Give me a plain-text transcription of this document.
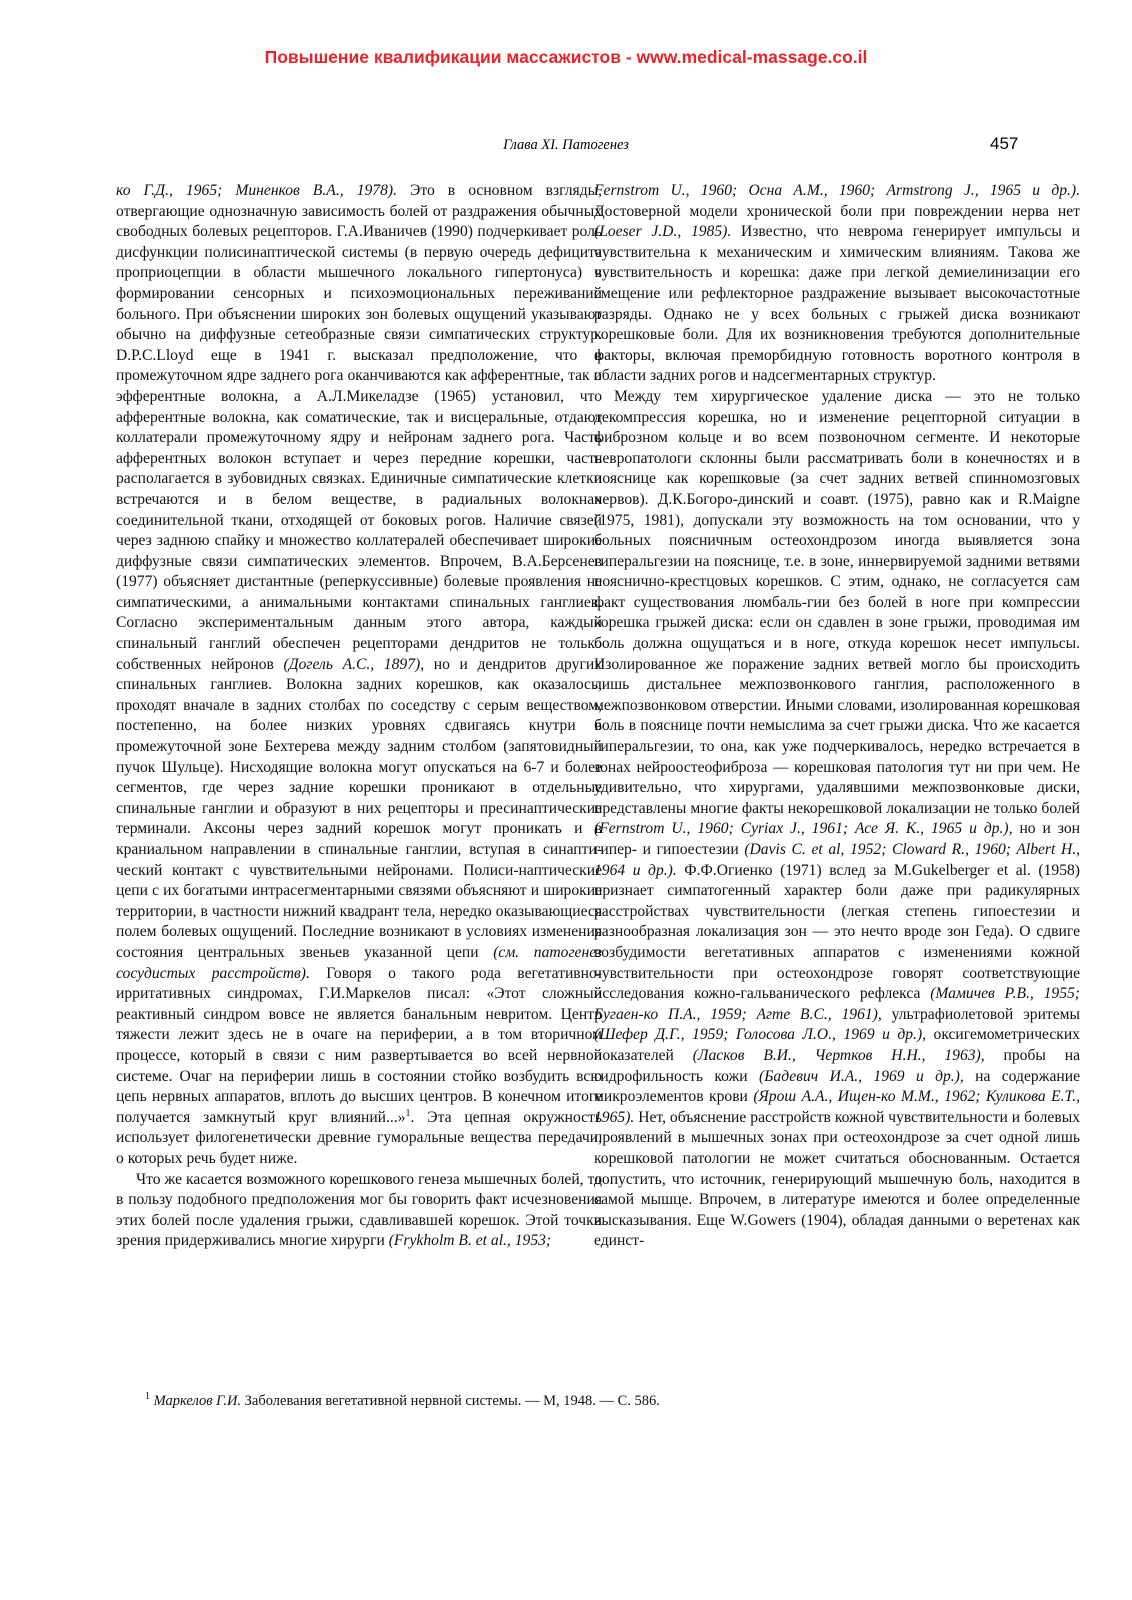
Повышение квалификации массажистов - www.medical-massage.co.il
Глава XI. Патогенез	457

ко Г.Д., 1965; Миненков В.А., 1978). Это в основном взгляды, отвергающие однозначную зависимость болей от раздражения обычных свободных болевых рецепторов. Г.А.Иваничев (1990) подчеркивает роль дисфункции полисинаптической системы (в первую очередь дефицита проприоцепции в области мышечного локального гипертонуса) в формировании сенсорных и психоэмоциональных переживаний больного. При объяснении широких зон болевых ощущений указывают обычно на диффузные сетеобразные связи симпатических структур. D.P.C.Lloyd еще в 1941 г. высказал предположение, что в промежуточном ядре заднего рога оканчиваются как афферентные, так и эфферентные волокна, а А.Л.Микеладзе (1965) установил, что афферентные волокна, как соматические, так и висцеральные, отдают коллатерали промежуточному ядру и нейронам заднего рога. Часть афферентных волокон вступает и через передние корешки, часть располагается в зубовидных связках. Единичные симпатические клетки встречаются и в белом веществе, в радиальных волокнах соединительной ткани, отходящей от боковых рогов. Наличие связей через заднюю спайку и множество коллатералей обеспечивает широкие диффузные связи симпатических элементов. Впрочем, В.А.Берсенев (1977) объясняет дистантные (реперкуссивные) болевые проявления не симпатическими, а анимальными контактами спинальных ганглиев. Согласно экспериментальным данным этого автора, каждый спинальный ганглий обеспечен рецепторами дендритов не только собственных нейронов (Догель А.С., 1897), но и дендритов других спинальных ганглиев. Волокна задних корешков, как оказалось, проходят вначале в задних столбах по соседству с серым веществом, постепенно, на более низких уровнях сдвигаясь кнутри в промежуточной зоне Бехтерева между задним столбом (запятовидный пучок Шульце). Нисходящие волокна могут опускаться на 6-7 и более сегментов, где через задние корешки проникают в отдельные спинальные ганглии и образуют в них рецепторы и пресинаптические терминали. Аксоны через задний корешок могут проникать и в краниальном направлении в спинальные ганглии, вступая в синапти-ческий контакт с чувствительными нейронами. Полиси-наптические цепи с их богатыми интрасегментарными связями объясняют и широкие территории, в частности нижний квадрант тела, нередко оказывающиеся полем болевых ощущений. Последние возникают в условиях изменения состояния центральных звеньев указанной цепи (см. патогенез сосудистых расстройств). Говоря о такого рода вегетативно-ирритативных синдромах, Г.И.Маркелов писал: «Этот сложный реактивный синдром вовсе не является банальным невритом. Центр тяжести лежит здесь не в очаге на периферии, а в том вторичном процессе, который в связи с ним развертывается во всей нервной системе. Очаг на периферии лишь в состоянии стойко возбудить всю цепь нервных аппаратов, вплоть до высших центров. В конечном итоге получается замкнутый круг влияний...»$^1$. Эта цепная окружность использует филогенетически древние гуморальные вещества передачи, о которых речь будет ниже.

Что же касается возможного корешкового генеза мышечных болей, то в пользу подобного предположения мог бы говорить факт исчезновения этих болей после удаления грыжи, сдавливавшей корешок. Этой точки зрения придерживались многие хирурги (Frykholm B. et al., 1953;

Fernstrom U., 1960; Осна А.М., 1960; Armstrong J., 1965 и др.). Достоверной модели хронической боли при повреждении нерва нет (Loeser J.D., 1985). Известно, что неврома генерирует импульсы и чувствительна к механическим и химическим влияниям. Такова же чувствительность и корешка: даже при легкой демиелинизации его смещение или рефлекторное раздражение вызывает высокочастотные разряды. Однако не у всех больных с грыжей диска возникают корешковые боли. Для их возникновения требуются дополнительные факторы, включая преморбидную готовность воротного контроля в области задних рогов и надсегментарных структур.

Между тем хирургическое удаление диска — это не только декомпрессия корешка, но и изменение рецепторной ситуации в фиброзном кольце и во всем позвоночном сегменте. И некоторые невропатологи склонны были рассматривать боли в конечностях и в пояснице как корешковые (за счет задних ветвей спинномозговых нервов). Д.К.Богоро-динский и соавт. (1975), равно как и R.Maigne (1975, 1981), допускали эту возможность на том основании, что у больных поясничным остеохондрозом иногда выявляется зона гиперальгезии на пояснице, т.е. в зоне, иннервируемой задними ветвями пояснично-крестцовых корешков. С этим, однако, не согласуется сам факт существования люмбаль-гии без болей в ноге при компрессии корешка грыжей диска: если он сдавлен в зоне грыжи, проводимая им боль должна ощущаться и в ноге, откуда корешок несет импульсы. Изолированное же поражение задних ветвей могло бы происходить лишь дистальнее межпозвонкового ганглия, расположенного в межпозвонковом отверстии. Иными словами, изолированная корешковая боль в пояснице почти немыслима за счет грыжи диска. Что же касается гиперальгезии, то она, как уже подчеркивалось, нередко встречается в зонах нейроостеофиброза — корешковая патология тут ни при чем. Не удивительно, что хирургами, удалявшими межпозвонковые диски, представлены многие факты некорешковой локализации не только болей (Fernstrom U., 1960; Cyriax J., 1961; Асе Я. К., 1965 и др.), но и зон гипер- и гипоестезии (Davis C. et al, 1952; Cloward R., 1960; Albert H., 1964 и др.). Ф.Ф.Огиенко (1971) вслед за M.Gukelberger et al. (1958) признает симпатогенный характер боли даже при радикулярных расстройствах чувствительности (легкая степень гипоестезии и разнообразная локализация зон — это нечто вроде зон Геда). О сдвиге возбудимости вегетативных аппаратов с изменениями кожной чувствительности при остеохондрозе говорят соответствующие исследования кожно-гальванического рефлекса (Мамичев Р.В., 1955; Бугаен-ко П.А., 1959; Агте В.С., 1961), ультрафиолетовой эритемы (Шефер Д.Г., 1959; Голосова Л.О., 1969 и др.), оксигемометрических показателей (Ласков В.И., Чертков Н.Н., 1963), пробы на гидрофильность кожи (Бадевич И.А., 1969 и др.), на содержание микроэлементов крови (Ярош А.А., Ищен-ко М.М., 1962; Куликова Е.Т., 1965). Нет, объяснение расстройств кожной чувствительности и болевых проявлений в мышечных зонах при остеохондрозе за счет одной лишь корешковой патологии не может считаться обоснованным. Остается допустить, что источник, генерирующий мышечную боль, находится в самой мышце. Впрочем, в литературе имеются и более определенные высказывания. Еще W.Gowers (1904), обладая данными о веретенах как единст-

$^1$ Маркелов Г.И. Заболевания вегетативной нервной системы. — М, 1948. — С. 586.
